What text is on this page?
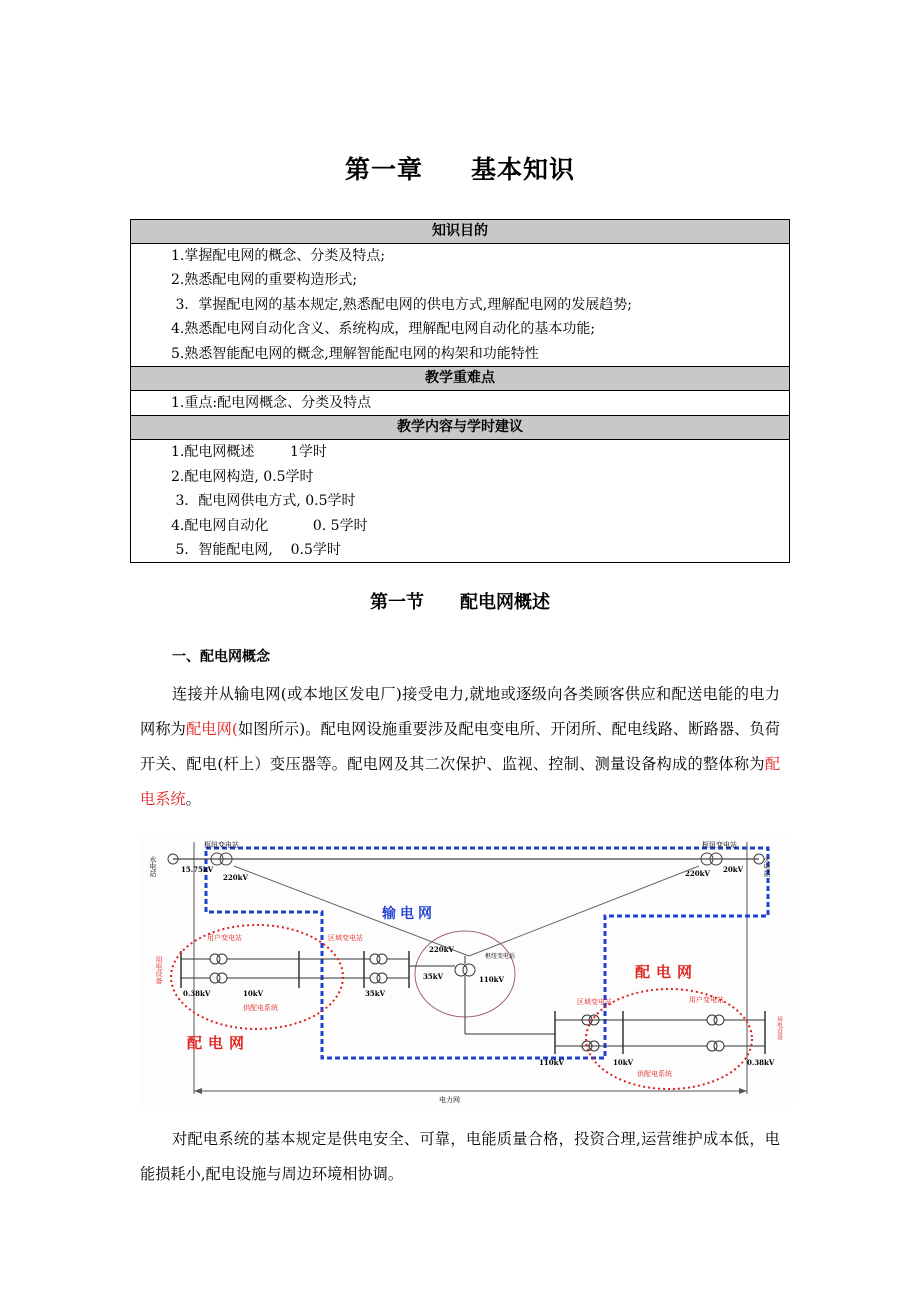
第一章 基本知识
知识目的

1.掌握配电网的概念、分类及特点;
2.熟悉配电网的重要构造形式;
3．掌握配电网的基本规定,熟悉配电网的供电方式,理解配电网的发展趋势;
4.熟悉配电网自动化含义、系统构成，理解配电网自动化的基本功能;
5.熟悉智能配电网的概念,理解智能配电网的构架和功能特性

教学重难点

1.重点:配电网概念、分类及特点

教学内容与学时建议

1.配电网概述        1学时
2.配电网构造, 0.5学时
3．配电网供电方式, 0.5学时
4.配电网自动化          0. 5学时
5．智能配电网,    0.5学时
第一节 配电网概述
一、配电网概念
连接并从输电网(或本地区发电厂)接受电力,就地或逐级向各类顾客供应和配送电能的电力网称为配电网(如图所示)。配电网设施重要涉及配电变电所、开闭所、配电线路、断路器、负荷开关、配电(杆上）变压器等。配电网及其二次保护、监视、控制、测量设备构成的整体称为配电系统。
电力网
水电站	火电站
枢纽变电站	枢纽变电站
15.75kV
220kV	220kV 20kV
输电网
220kV
35kV	110kV
枢纽变电站
用电设备
用户变电站	区域变电站
0.38kV	10kV	35kV
供配电系统
配电网
配电网
区域变电站	用户变电站
用电设备
110kV	10kV	0.38kV
供配电系统
对配电系统的基本规定是供电安全、可靠，电能质量合格，投资合理,运营维护成本低，电能损耗小,配电设施与周边环境相协调。
